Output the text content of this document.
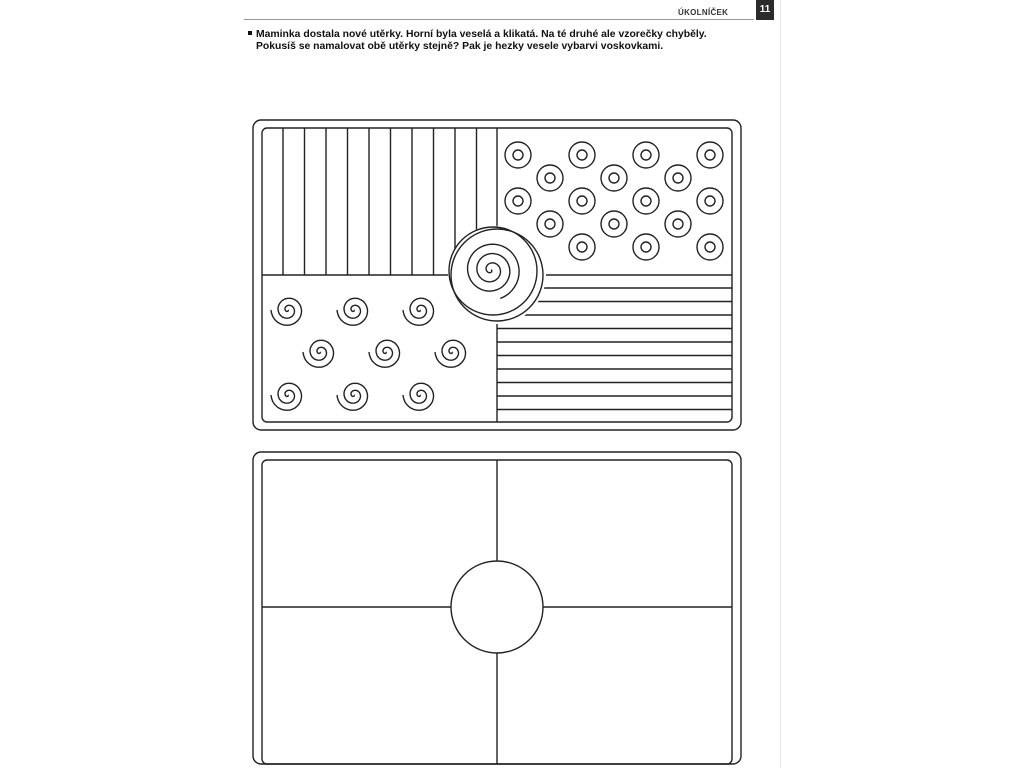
ÚKOLNÍČEK	11
Maminka dostala nové utěrky. Horní byla veselá a klikatá. Na té druhé ale vzorečky chyběly.
Pokusíš se namalovat obě utěrky stejně? Pak je hezky vesele vybarvi voskovkami.
